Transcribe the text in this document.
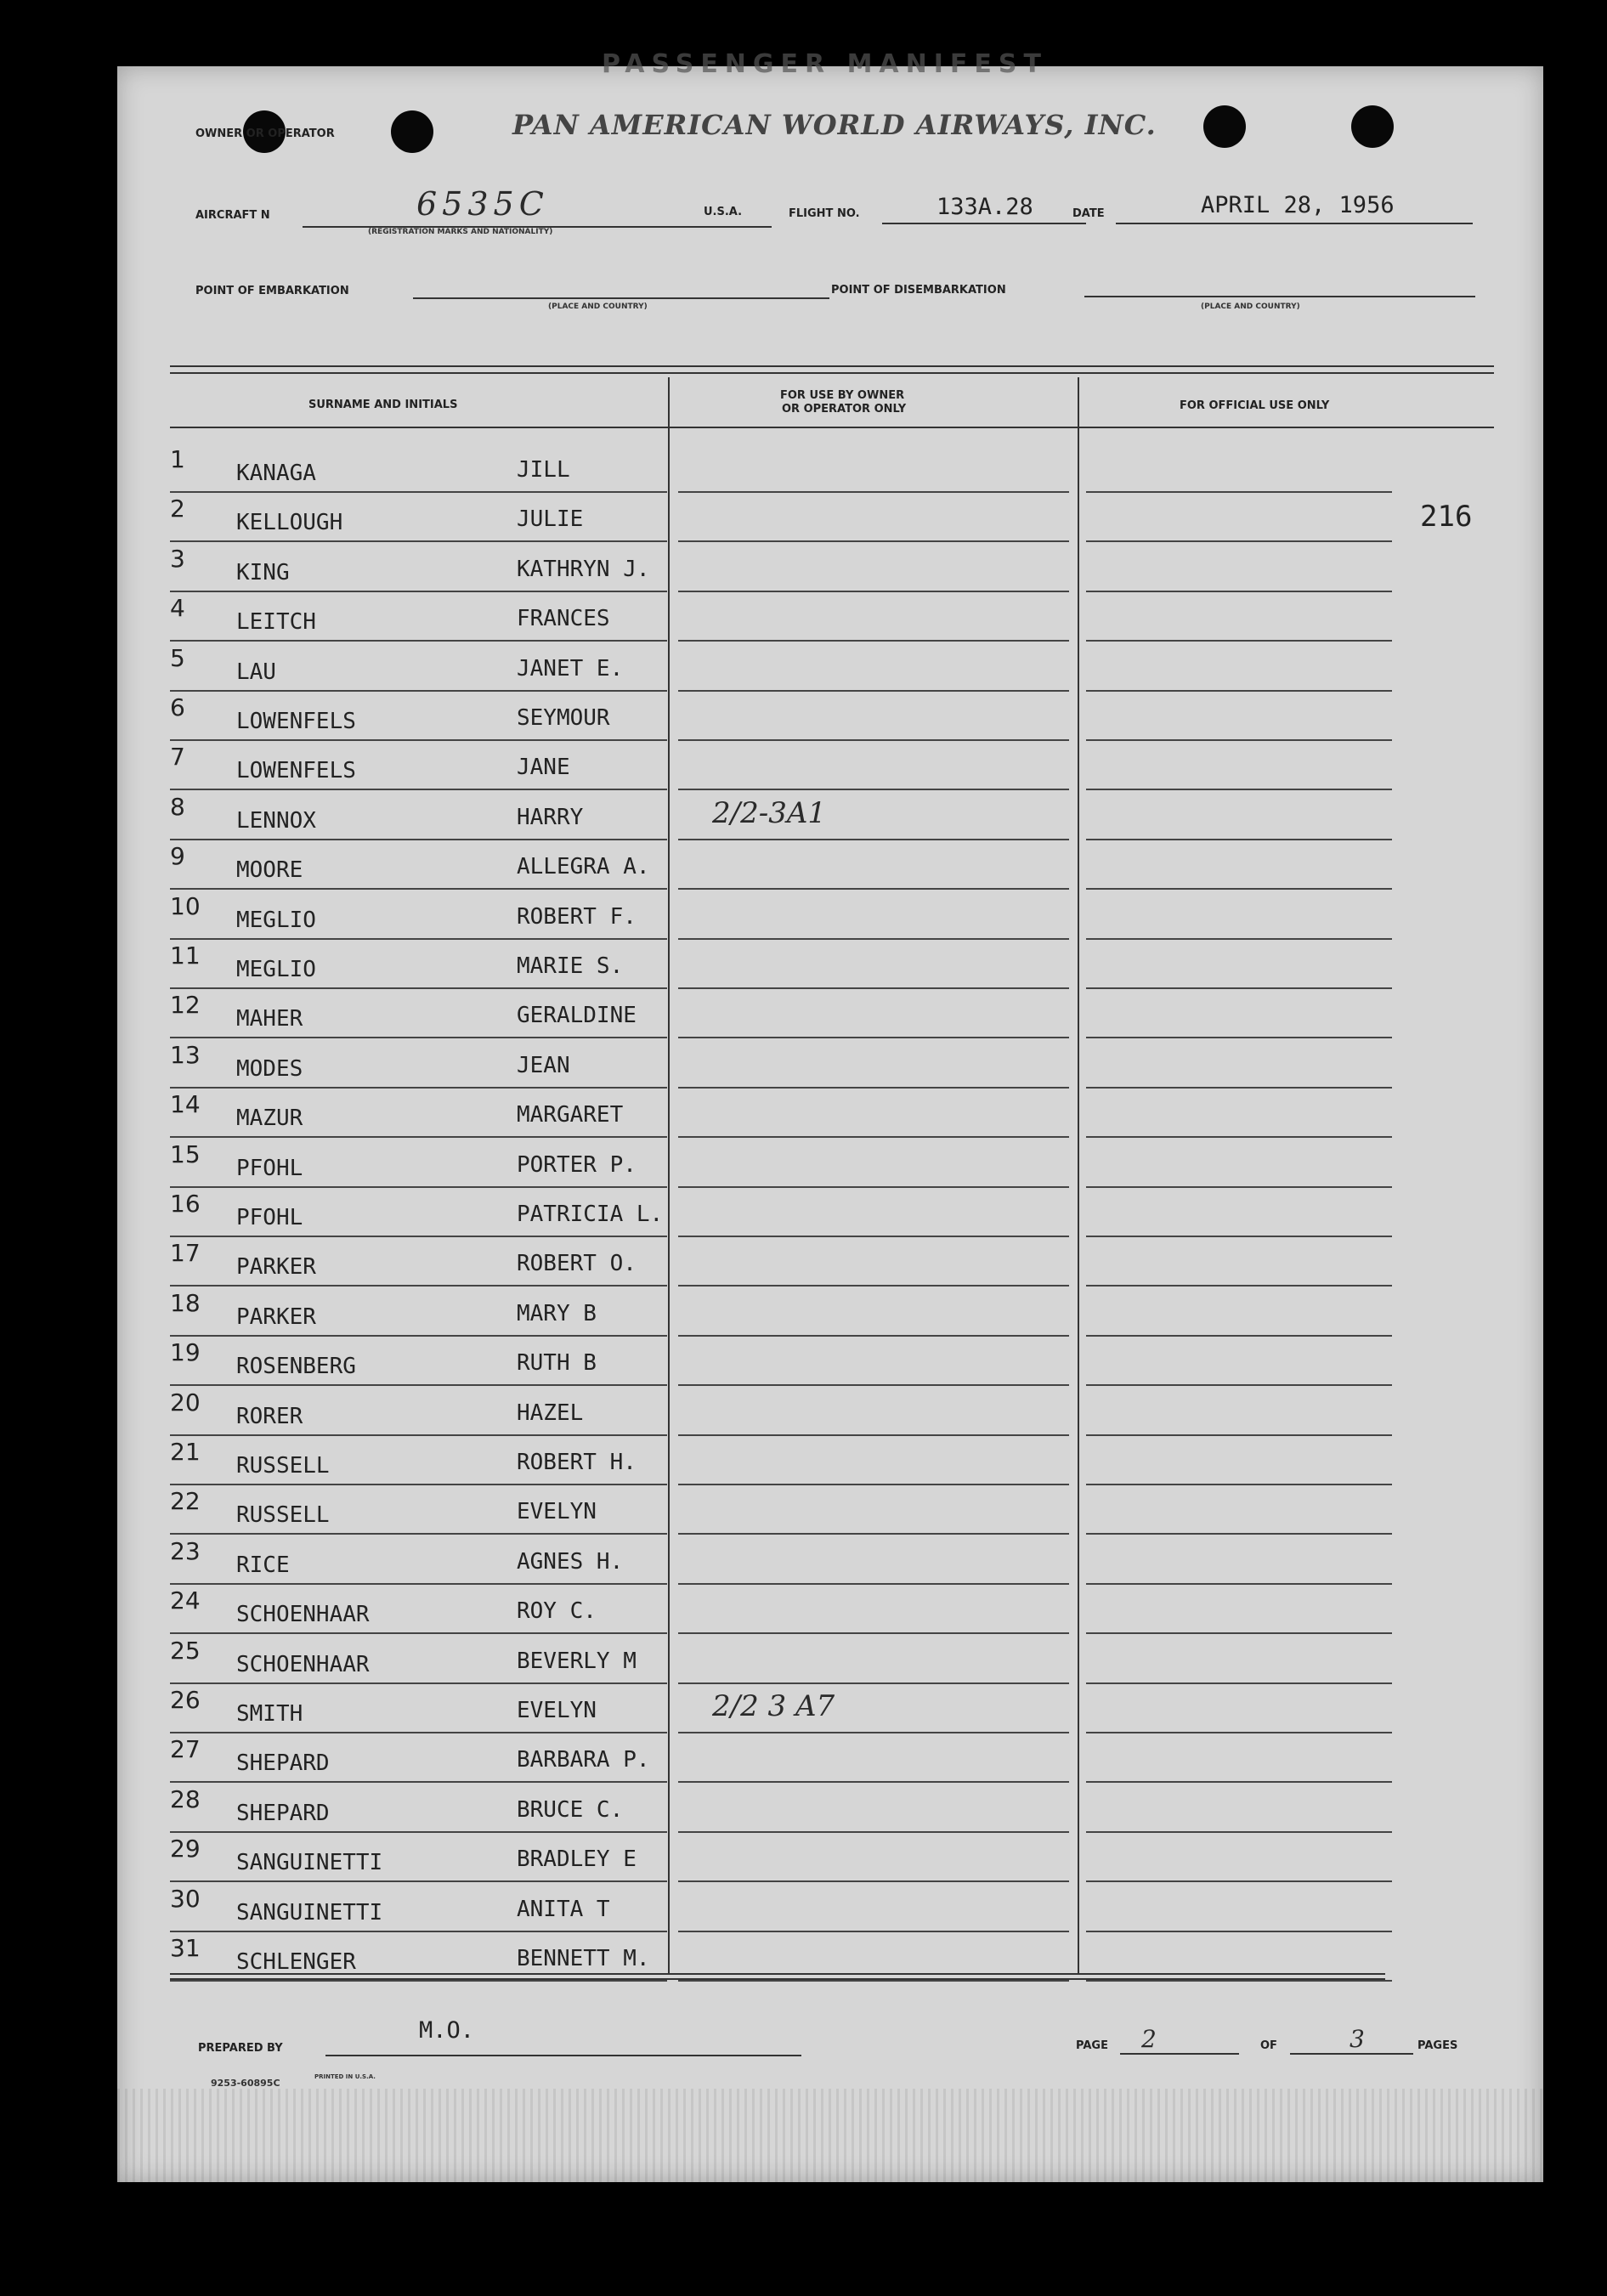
PASSENGER MANIFEST
OWNER OR OPERATOR	PAN AMERICAN WORLD AIRWAYS, INC.
AIRCRAFT N	6535C
(REGISTRATION MARKS AND NATIONALITY)
U.S.A.	FLIGHT NO.	133A.28	DATE	APRIL 28, 1956
POINT OF EMBARKATION
(PLACE AND COUNTRY)
POINT OF DISEMBARKATION
(PLACE AND COUNTRY)
SURNAME AND INITIALS
FOR USE BY OWNER
OR OPERATOR ONLY	FOR OFFICIAL USE ONLY
216
1 KANAGA	JILL
2 KELLOUGH	JULIE
3 KING	KATHRYN J.
4 LEITCH	FRANCES
5 LAU	JANET E.
6 LOWENFELS	SEYMOUR
7 LOWENFELS	JANE
8 LENNOX	HARRY	2/2-3A1
9 MOORE	ALLEGRA A.
10 MEGLIO	ROBERT F.
11 MEGLIO	MARIE S.
12 MAHER	GERALDINE
13 MODES	JEAN
14 MAZUR	MARGARET
15 PFOHL	PORTER P.
16 PFOHL	PATRICIA L.
17 PARKER	ROBERT O.
18 PARKER	MARY B
19 ROSENBERG	RUTH B
20 RORER	HAZEL
21 RUSSELL	ROBERT H.
22 RUSSELL	EVELYN
23 RICE	AGNES H.
24 SCHOENHAAR	ROY C.
25 SCHOENHAAR	BEVERLY M
26 SMITH	EVELYN	2/2 3 A7
27 SHEPARD	BARBARA P.
28 SHEPARD	BRUCE C.
29 SANGUINETTI	BRADLEY E
30 SANGUINETTI	ANITA T
31 SCHLENGER	BENNETT M.
PREPARED BY
M.O.
9253-60895C
PRINTED IN U.S.A.
PAGE 2	OF	3	PAGES
